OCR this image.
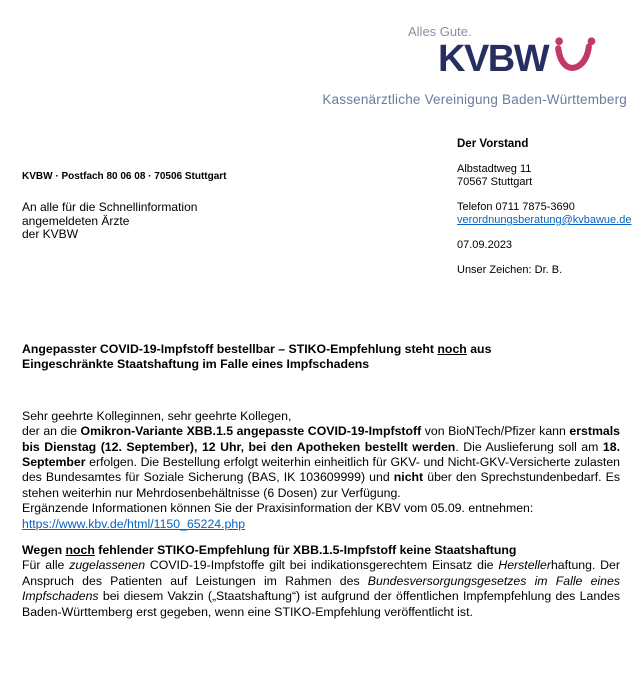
Alles Gute.
KVBW
Kassenärztliche Vereinigung Baden-Württemberg
KVBW · Postfach 80 06 08 · 70506 Stuttgart
An alle für die Schnellinformation
angemeldeten Ärzte
der KVBW
Der Vorstand
Albstadtweg 11
70567 Stuttgart
Telefon 0711 7875-3690
verordnungsberatung@kvbawue.de
07.09.2023
Unser Zeichen: Dr. B.
Angepasster COVID-19-Impfstoff bestellbar – STIKO-Empfehlung steht noch aus
Eingeschränkte Staatshaftung im Falle eines Impfschadens

Sehr geehrte Kolleginnen, sehr geehrte Kollegen,

der an die Omikron-Variante XBB.1.5 angepasste COVID-19-Impfstoff von BioNTech/Pfizer kann erstmals bis Dienstag (12. September), 12 Uhr, bei den Apotheken bestellt werden. Die Auslieferung soll am 18. September erfolgen. Die Bestellung erfolgt weiterhin einheitlich für GKV- und Nicht-GKV-Versicherte zulasten des Bundesamtes für Soziale Sicherung (BAS, IK 103609999) und nicht über den Sprechstundenbedarf. Es stehen weiterhin nur Mehrdosenbehältnisse (6 Dosen) zur Verfügung.

Ergänzende Informationen können Sie der Praxisinformation der KBV vom 05.09. entnehmen:

https://www.kbv.de/html/1150_65224.php

Wegen noch fehlender STIKO-Empfehlung für XBB.1.5-Impfstoff keine Staatshaftung

Für alle zugelassenen COVID-19-Impfstoffe gilt bei indikationsgerechtem Einsatz die Herstellerhaftung. Der Anspruch des Patienten auf Leistungen im Rahmen des Bundesversorgungsgesetzes im Falle eines Impfschadens bei diesem Vakzin („Staatshaftung“) ist aufgrund der öffentlichen Impfempfehlung des Landes Baden-Württemberg erst gegeben, wenn eine STIKO-Empfehlung veröffentlicht ist.
